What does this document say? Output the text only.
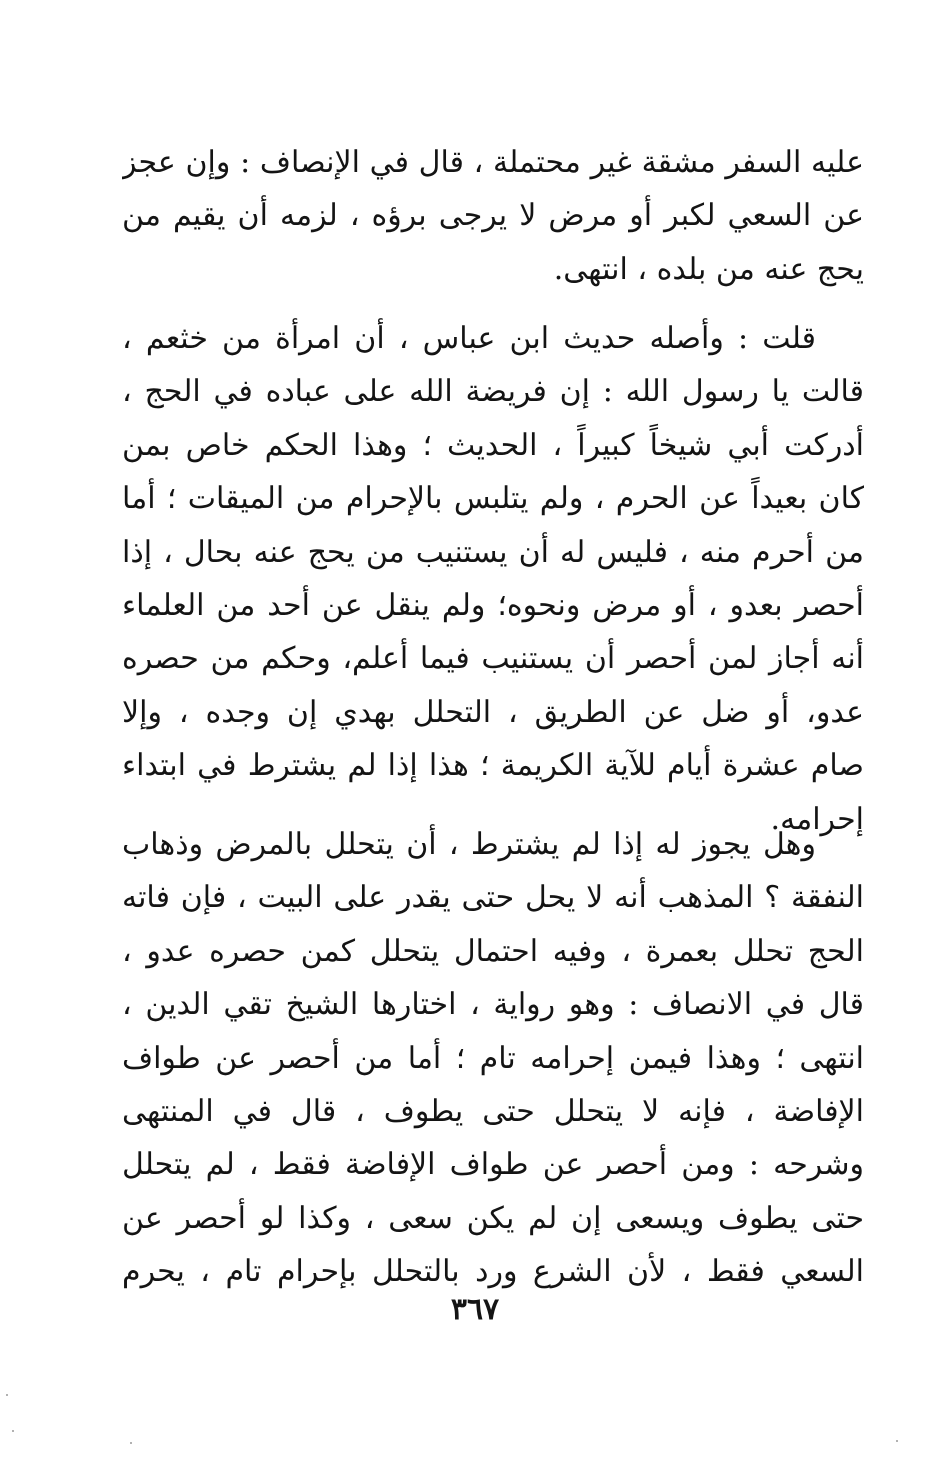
عليه السفر مشقة غير محتملة ، قال في الإنصاف : وإن عجز
عن السعي لكبر أو مرض لا يرجى برؤه ، لزمه أن يقيم من
يحج عنه من بلده ، انتهى.
قلت : وأصله حديث ابن عباس ، أن امرأة من خثعم ،
قالت يا رسول الله : إن فريضة الله على عباده في الحج ،
أدركت أبي شيخاً كبيراً ، الحديث ؛ وهذا الحكم خاص بمن
كان بعيداً عن الحرم ، ولم يتلبس بالإحرام من الميقات ؛ أما
من أحرم منه ، فليس له أن يستنيب من يحج عنه بحال ، إذا
أحصر بعدو ، أو مرض ونحوه؛ ولم ينقل عن أحد من العلماء
أنه أجاز لمن أحصر أن يستنيب فيما أعلم، وحكم من حصره
عدو، أو ضل عن الطريق ، التحلل بهدي إن وجده ، وإلا
صام عشرة أيام للآية الكريمة ؛ هذا إذا لم يشترط في ابتداء
إحرامه.
وهل يجوز له إذا لم يشترط ، أن يتحلل بالمرض وذهاب
النفقة ؟ المذهب أنه لا يحل حتى يقدر على البيت ، فإن فاته
الحج تحلل بعمرة ، وفيه احتمال يتحلل كمن حصره عدو ،
قال في الانصاف : وهو رواية ، اختارها الشيخ تقي الدين ،
انتهى ؛ وهذا فيمن إحرامه تام ؛ أما من أحصر عن طواف
الإفاضة ، فإنه لا يتحلل حتى يطوف ، قال في المنتهى
وشرحه : ومن أحصر عن طواف الإفاضة فقط ، لم يتحلل
حتى يطوف ويسعى إن لم يكن سعى ، وكذا لو أحصر عن
السعي فقط ، لأن الشرع ورد بالتحلل بإحرام تام ، يحرم
٣٦٧
